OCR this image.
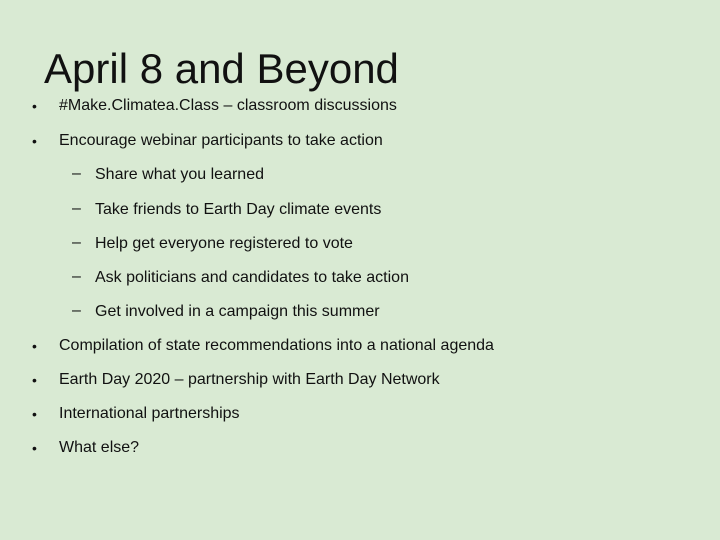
April 8 and Beyond
• #Make.Climatea.Class – classroom discussions
• Encourage webinar participants to take action
– Share what you learned
– Take friends to Earth Day climate events
– Help get everyone registered to vote
– Ask politicians and candidates to take action
– Get involved in a campaign this summer
• Compilation of state recommendations into a national agenda
• Earth Day 2020 – partnership with Earth Day Network
• International partnerships
• What else?
